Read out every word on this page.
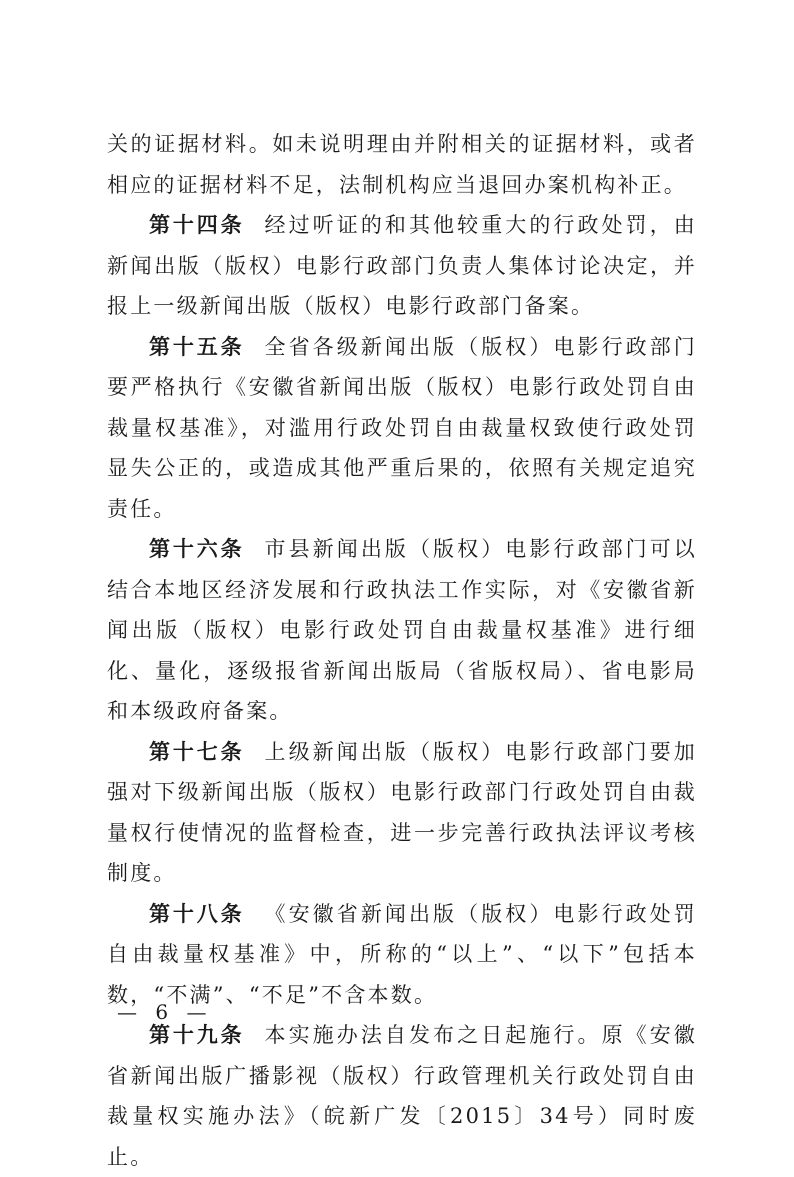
关的证据材料。如未说明理由并附相关的证据材料，或者相应的证据材料不足，法制机构应当退回办案机构补正。

第十四条 经过听证的和其他较重大的行政处罚，由新闻出版（版权）电影行政部门负责人集体讨论决定，并报上一级新闻出版（版权）电影行政部门备案。

第十五条 全省各级新闻出版（版权）电影行政部门要严格执行《安徽省新闻出版（版权）电影行政处罚自由裁量权基准》，对滥用行政处罚自由裁量权致使行政处罚显失公正的，或造成其他严重后果的，依照有关规定追究责任。

第十六条 市县新闻出版（版权）电影行政部门可以结合本地区经济发展和行政执法工作实际，对《安徽省新闻出版（版权）电影行政处罚自由裁量权基准》进行细化、量化，逐级报省新闻出版局（省版权局）、省电影局和本级政府备案。

第十七条 上级新闻出版（版权）电影行政部门要加强对下级新闻出版（版权）电影行政部门行政处罚自由裁量权行使情况的监督检查，进一步完善行政执法评议考核制度。

第十八条 《安徽省新闻出版（版权）电影行政处罚自由裁量权基准》中，所称的“以上”、“以下”包括本数，“不满”、“不足”不含本数。

第十九条 本实施办法自发布之日起施行。原《安徽省新闻出版广播影视（版权）行政管理机关行政处罚自由裁量权实施办法》（皖新广发〔2015〕34号）同时废止。

— 6 —
